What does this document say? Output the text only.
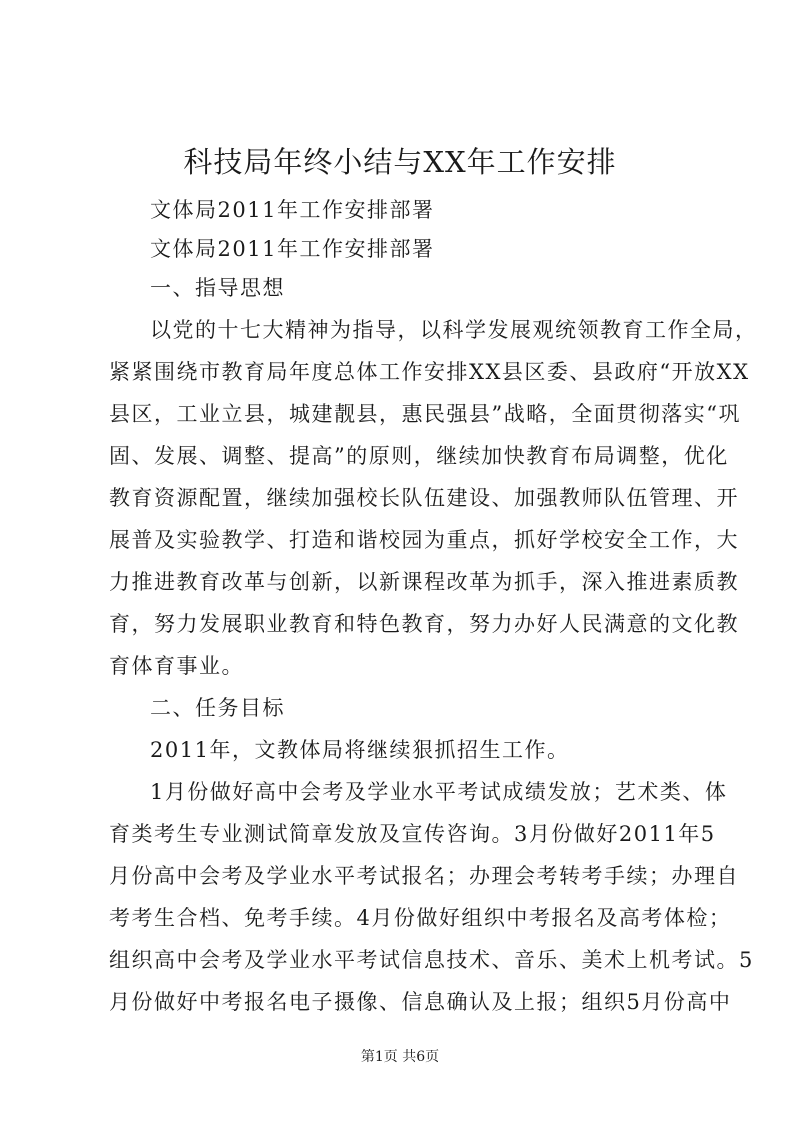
科技局年终小结与XX年工作安排
文体局2011年工作安排部署
文体局2011年工作安排部署
一、指导思想
以党的十七大精神为指导，以科学发展观统领教育工作全局，
紧紧围绕市教育局年度总体工作安排XX县区委、县政府“开放XX
县区，工业立县，城建靓县，惠民强县”战略，全面贯彻落实“巩
固、发展、调整、提高”的原则，继续加快教育布局调整，优化
教育资源配置，继续加强校长队伍建设、加强教师队伍管理、开
展普及实验教学、打造和谐校园为重点，抓好学校安全工作，大
力推进教育改革与创新，以新课程改革为抓手，深入推进素质教
育，努力发展职业教育和特色教育，努力办好人民满意的文化教
育体育事业。
二、任务目标
2011年，文教体局将继续狠抓招生工作。
1月份做好高中会考及学业水平考试成绩发放；艺术类、体
育类考生专业测试简章发放及宣传咨询。3月份做好2011年5
月份高中会考及学业水平考试报名；办理会考转考手续；办理自
考考生合档、免考手续。4月份做好组织中考报名及高考体检；
组织高中会考及学业水平考试信息技术、音乐、美术上机考试。5
月份做好中考报名电子摄像、信息确认及上报；组织5月份高中
第1页 共6页
